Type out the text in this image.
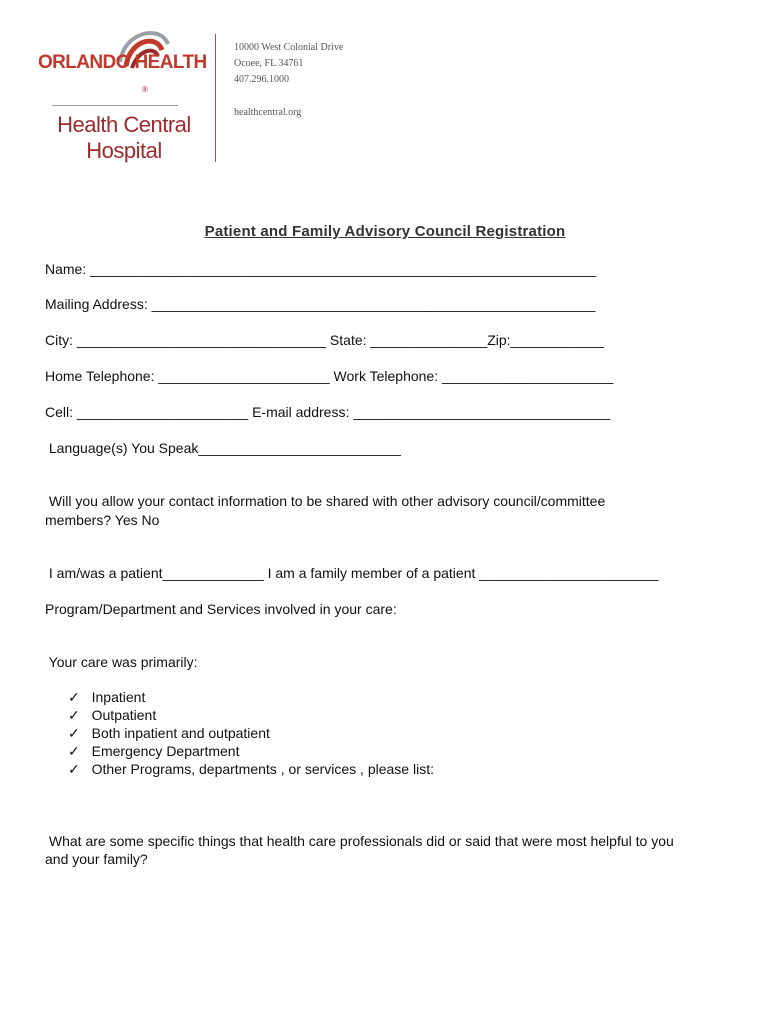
ORLANDO HEALTH
®
Health Central
Hospital
10000 West Colonial Drive
Ocoee, FL 34761
407.296.1000
healthcentral.org
Patient and Family Advisory Council Registration
Name: _________________________________________________________________
Mailing Address: _________________________________________________________
City: ________________________________ State: _______________Zip:____________
Home Telephone: ______________________ Work Telephone: ______________________
Cell: ______________________ E-mail address: _________________________________
Language(s) You Speak__________________________
Will you allow your contact information to be shared with other advisory council/committee
members? Yes No
I am/was a patient_____________ I am a family member of a patient _______________________
Program/Department and Services involved in your care:
Your care was primarily:
✓ Inpatient
✓ Outpatient
✓ Both inpatient and outpatient
✓ Emergency Department
✓ Other Programs, departments , or services , please list:
What are some specific things that health care professionals did or said that were most helpful to you
and your family?
